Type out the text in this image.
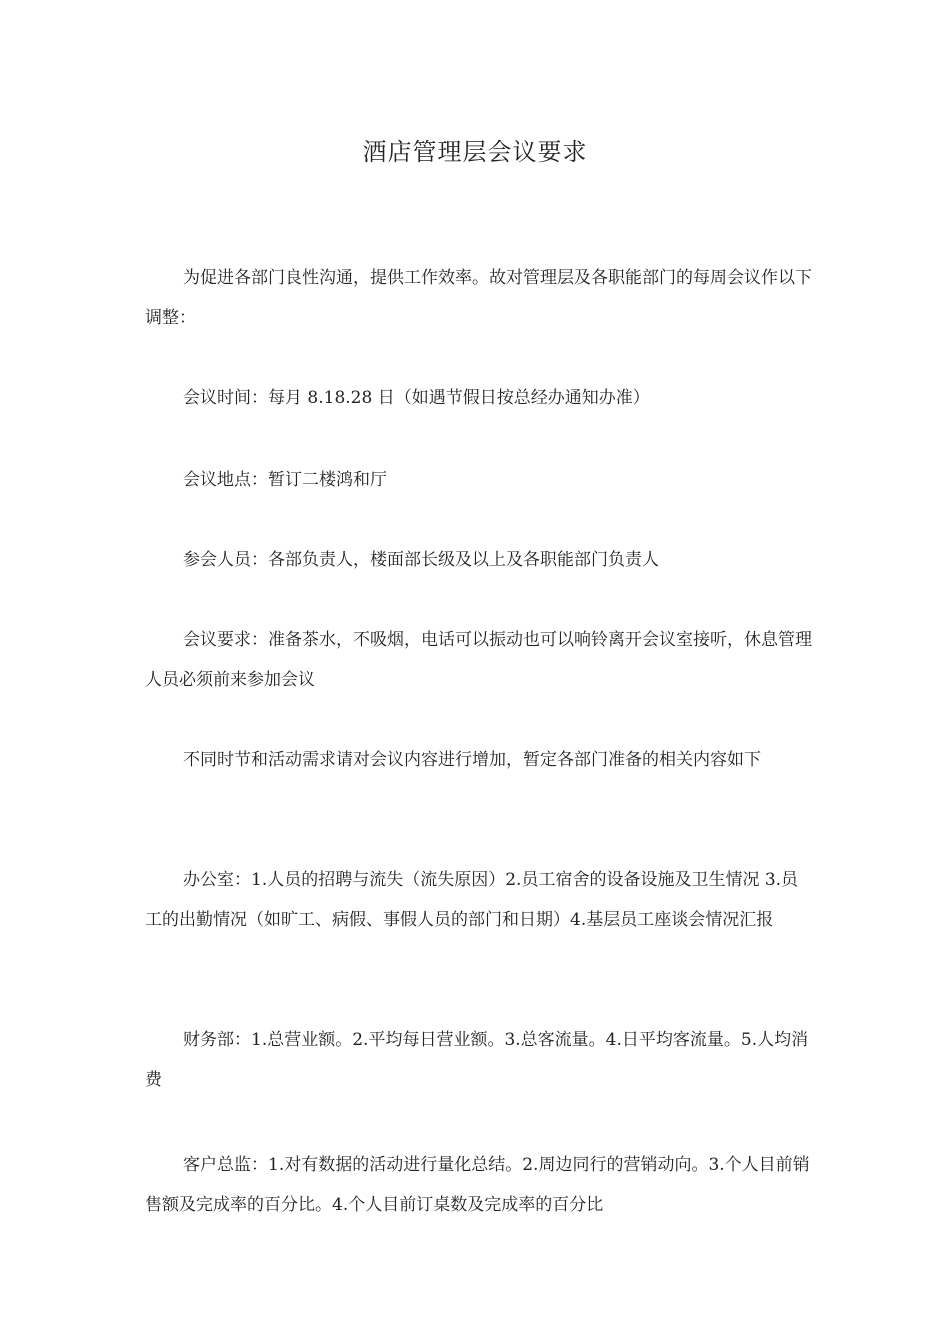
酒店管理层会议要求
为促进各部门良性沟通，提供工作效率。故对管理层及各职能部门的每周会议作以下调整：
会议时间：每月 8.18.28 日（如遇节假日按总经办通知办准）
会议地点：暂订二楼鸿和厅
参会人员：各部负责人，楼面部长级及以上及各职能部门负责人
会议要求：准备茶水，不吸烟，电话可以振动也可以响铃离开会议室接听，休息管理人员必须前来参加会议
不同时节和活动需求请对会议内容进行增加，暂定各部门准备的相关内容如下
办公室：1.人员的招聘与流失（流失原因）2.员工宿舍的设备设施及卫生情况 3.员工的出勤情况（如旷工、病假、事假人员的部门和日期）4.基层员工座谈会情况汇报
财务部：1.总营业额。2.平均每日营业额。3.总客流量。4.日平均客流量。5.人均消费
客户总监：1.对有数据的活动进行量化总结。2.周边同行的营销动向。3.个人目前销售额及完成率的百分比。4.个人目前订桌数及完成率的百分比
